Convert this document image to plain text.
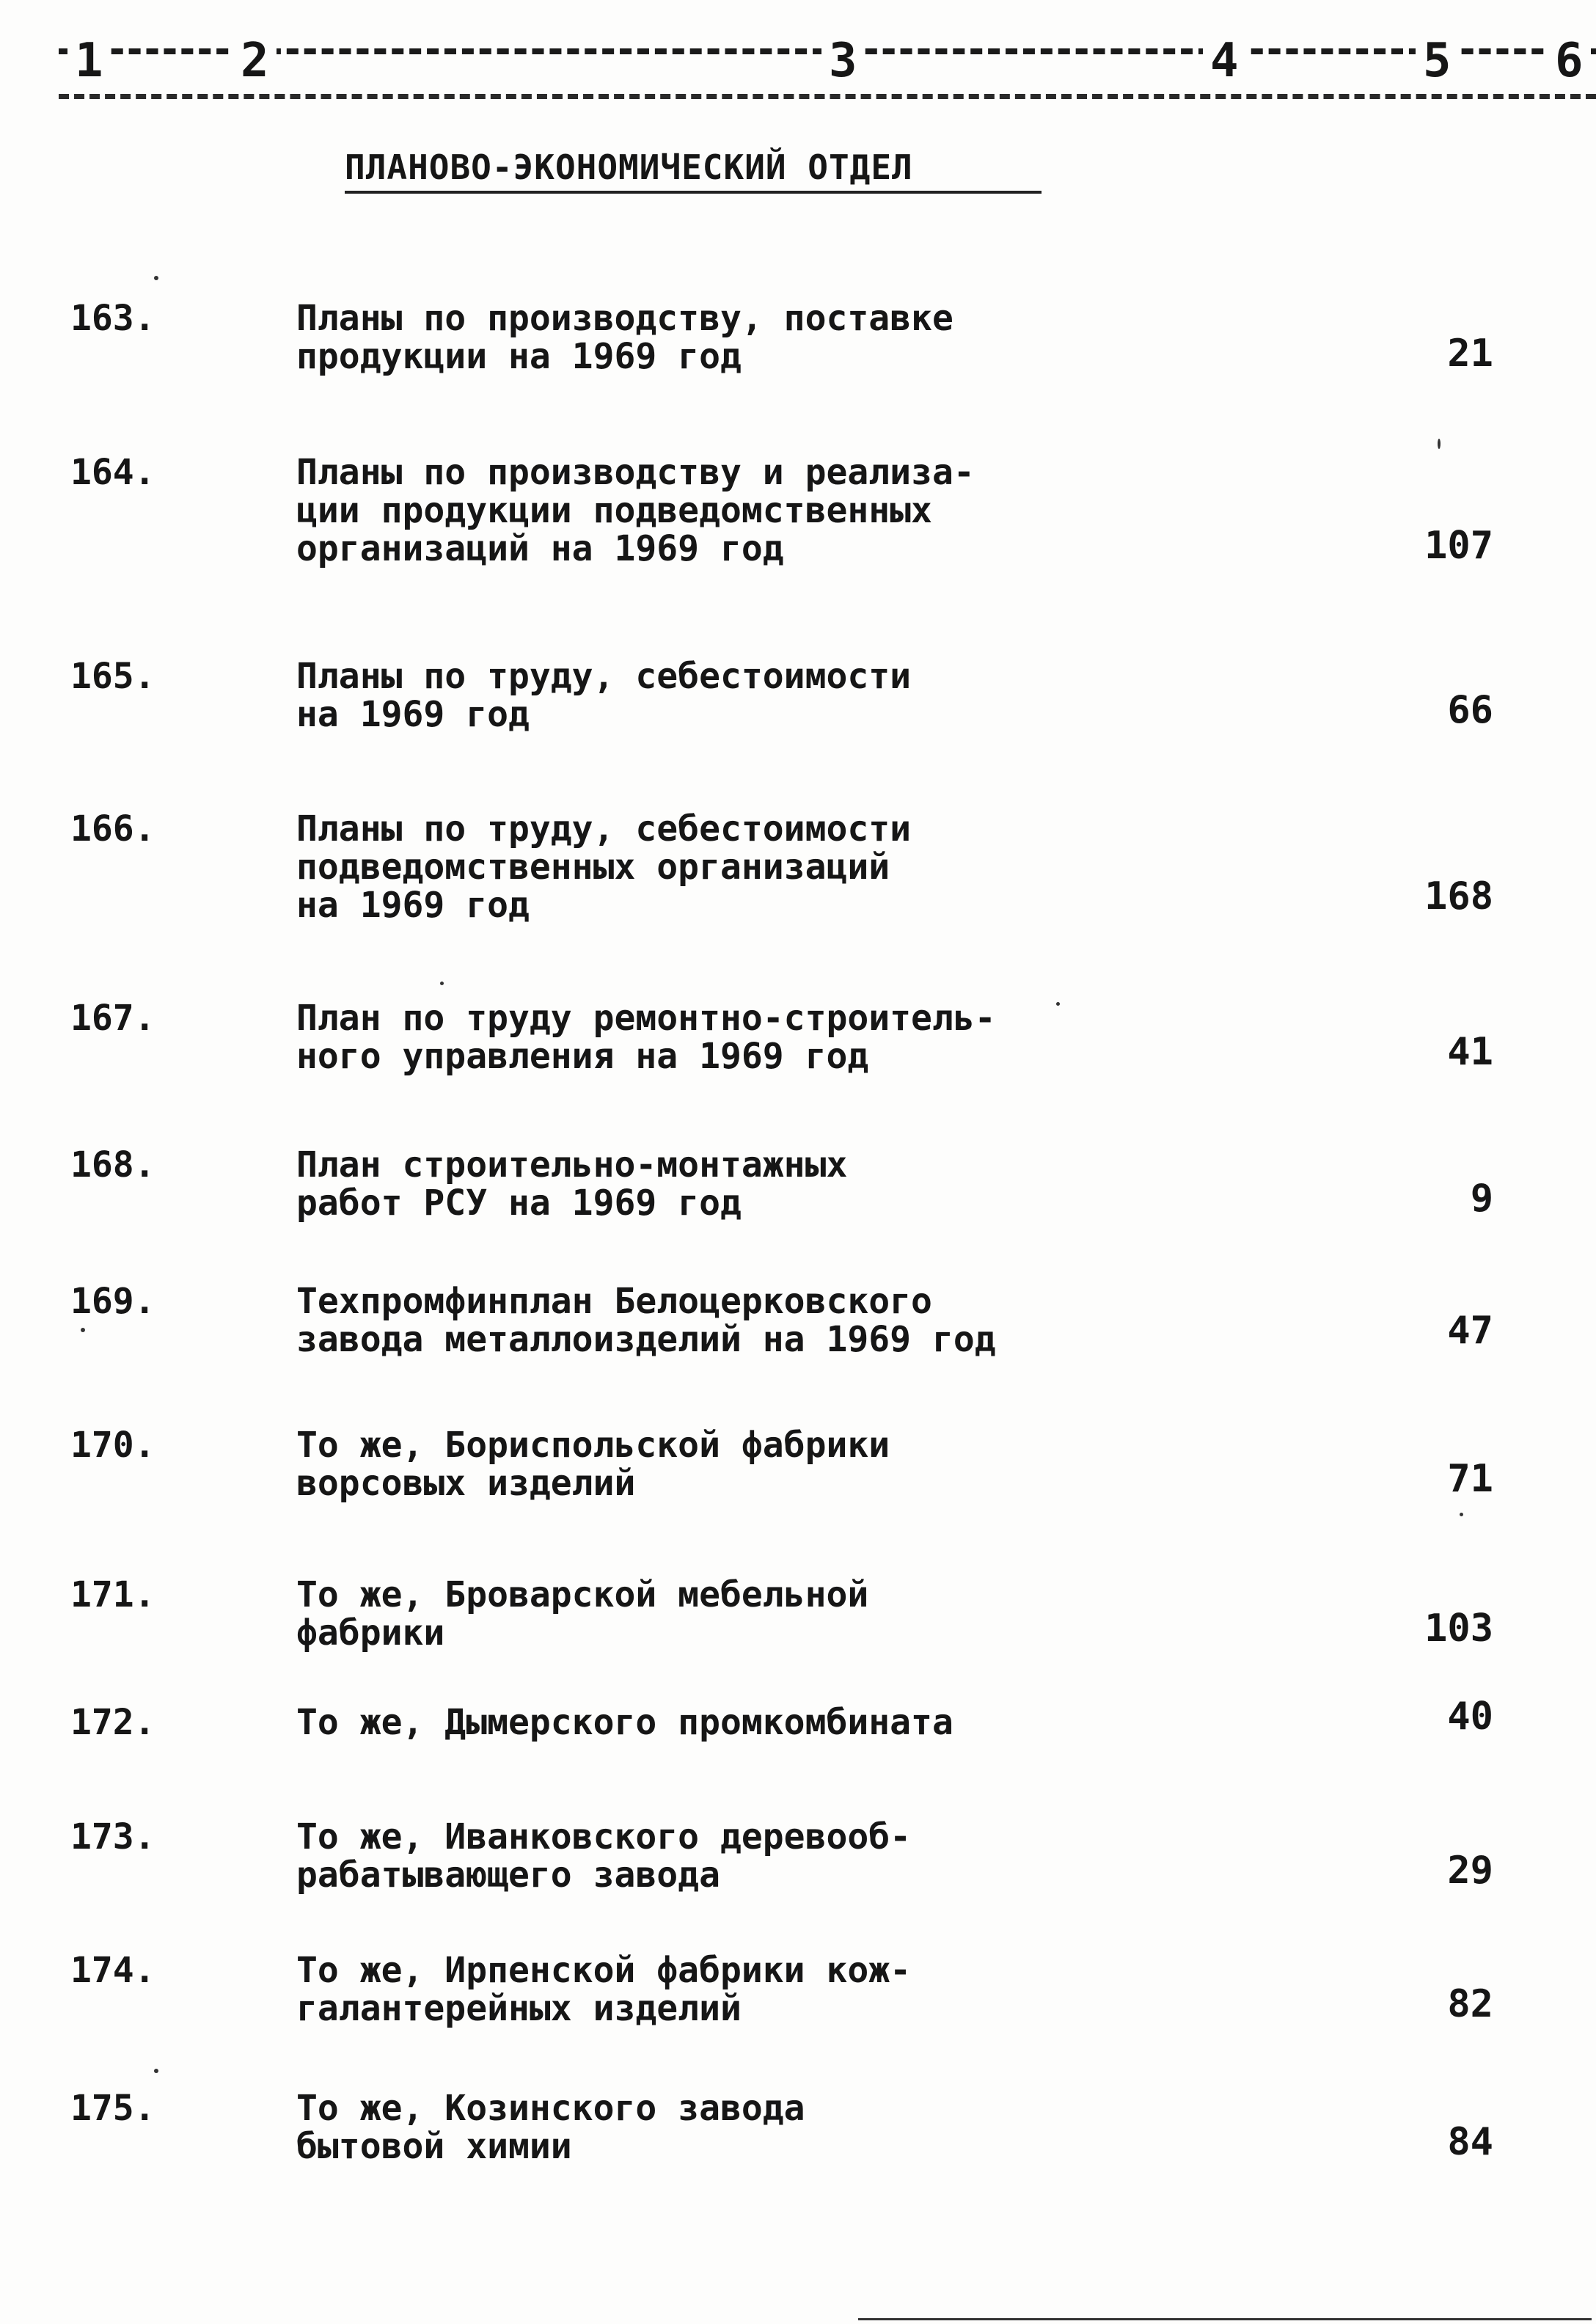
1	2	3	4	5 6
ПЛАНОВО-ЭКОНОМИЧЕСКИЙ ОТДЕЛ
163.	Планы по производству, поставке
продукции на 1969 год	21
164.	Планы по производству и реализа-
ции продукции подведомственных
организаций на 1969 год	107
165.	Планы по труду, себестоимости
на 1969 год	66
166.	Планы по труду, себестоимости
подведомственных организаций
на 1969 год	168
167.	План по труду ремонтно-строитель-
ного управления на 1969 год	41
168.	План строительно-монтажных
работ РСУ на 1969 год	9
169.	Техпромфинплан Белоцерковского
завода металлоизделий на 1969 год	47
170.	То же, Бориспольской фабрики
ворсовых изделий	71
171.	То же, Броварской мебельной
фабрики	103
172.	То же, Дымерского промкомбината	40
173.	То же, Иванковского деревооб-
рабатывающего завода	29
174.	То же, Ирпенской фабрики кож-
галантерейных изделий	82
175.	То же, Козинского завода
бытовой химии	84
